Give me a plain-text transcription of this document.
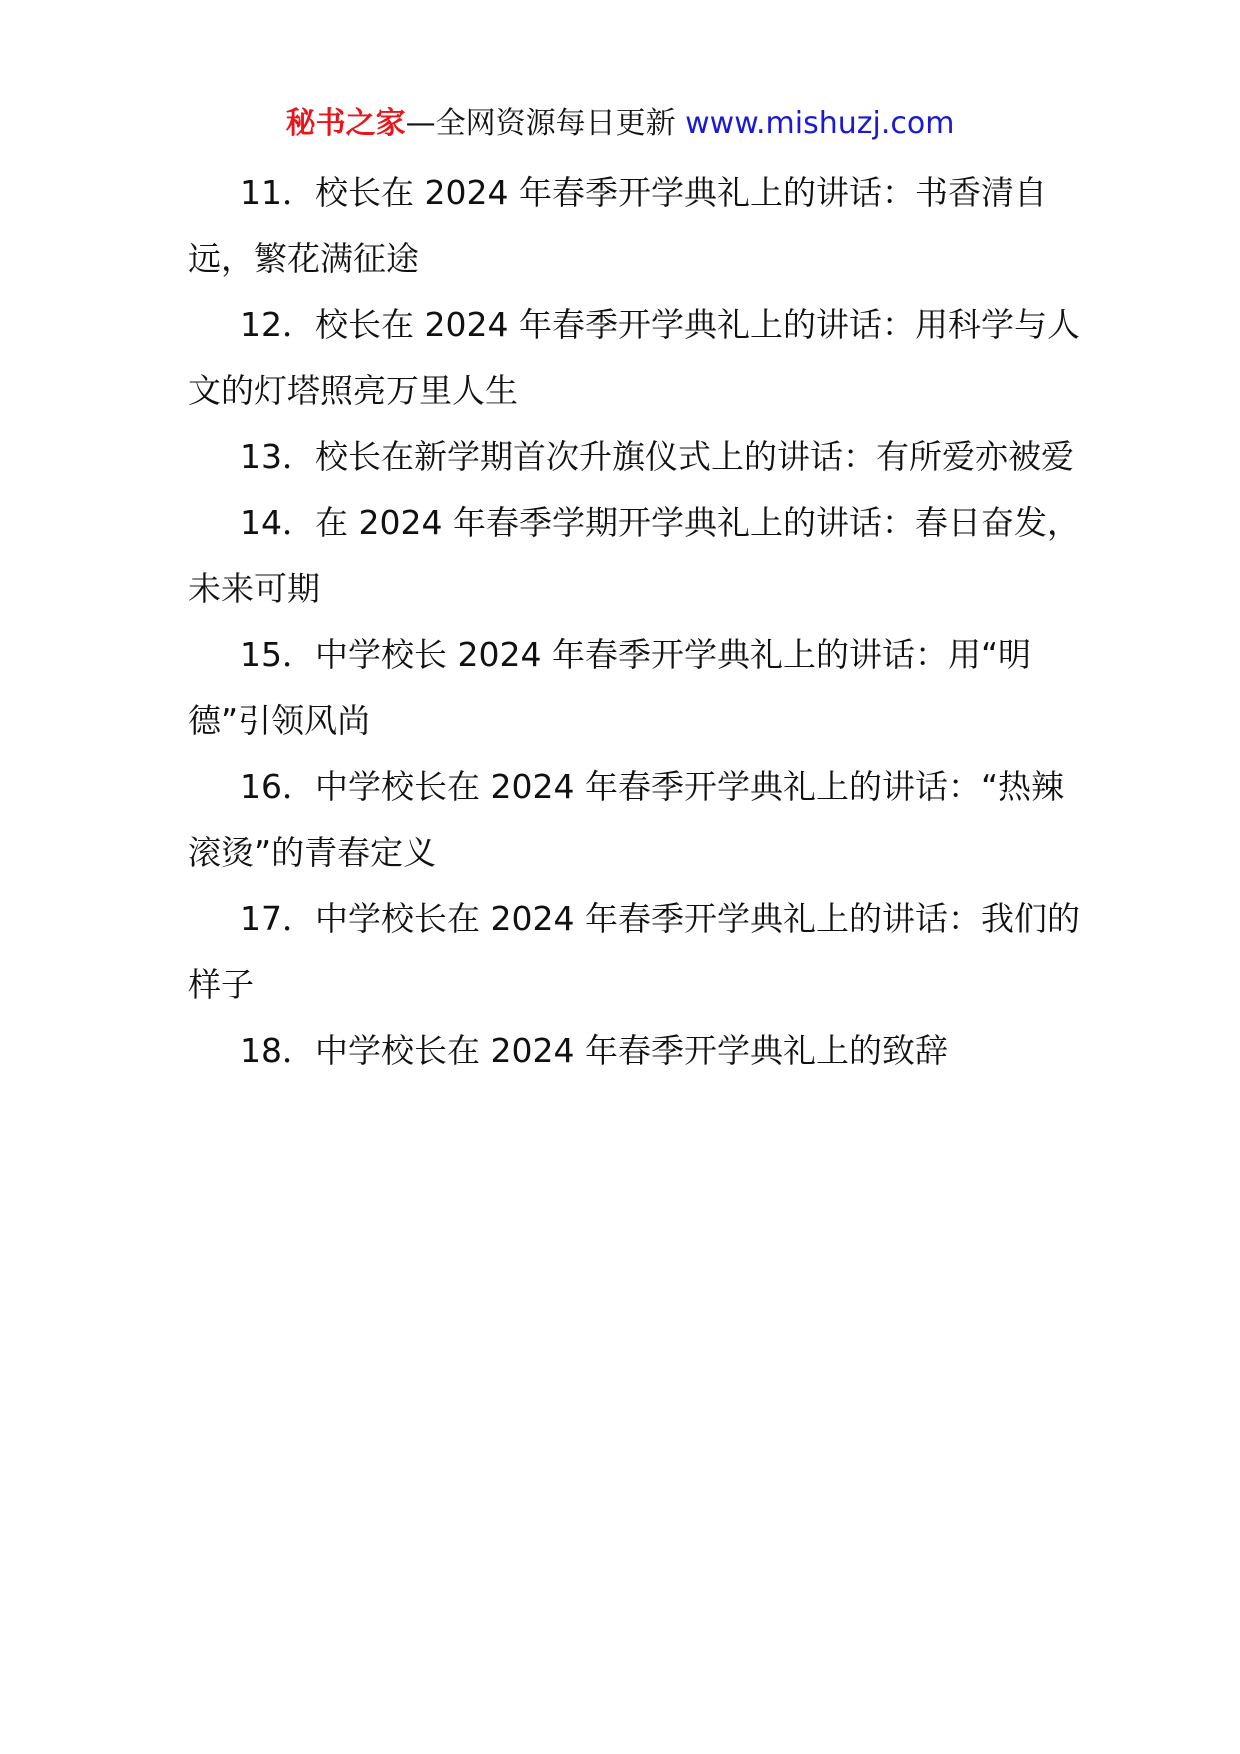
秘书之家—全网资源每日更新 www.mishuzj.com

11．校长在 2024 年春季开学典礼上的讲话：书香清自远，繁花满征途

12．校长在 2024 年春季开学典礼上的讲话：用科学与人文的灯塔照亮万里人生

13．校长在新学期首次升旗仪式上的讲话：有所爱亦被爱

14．在 2024 年春季学期开学典礼上的讲话：春日奋发，未来可期

15．中学校长 2024 年春季开学典礼上的讲话：用“明德”引领风尚

16．中学校长在 2024 年春季开学典礼上的讲话：“热辣滚烫”的青春定义

17．中学校长在 2024 年春季开学典礼上的讲话：我们的样子

18．中学校长在 2024 年春季开学典礼上的致辞
